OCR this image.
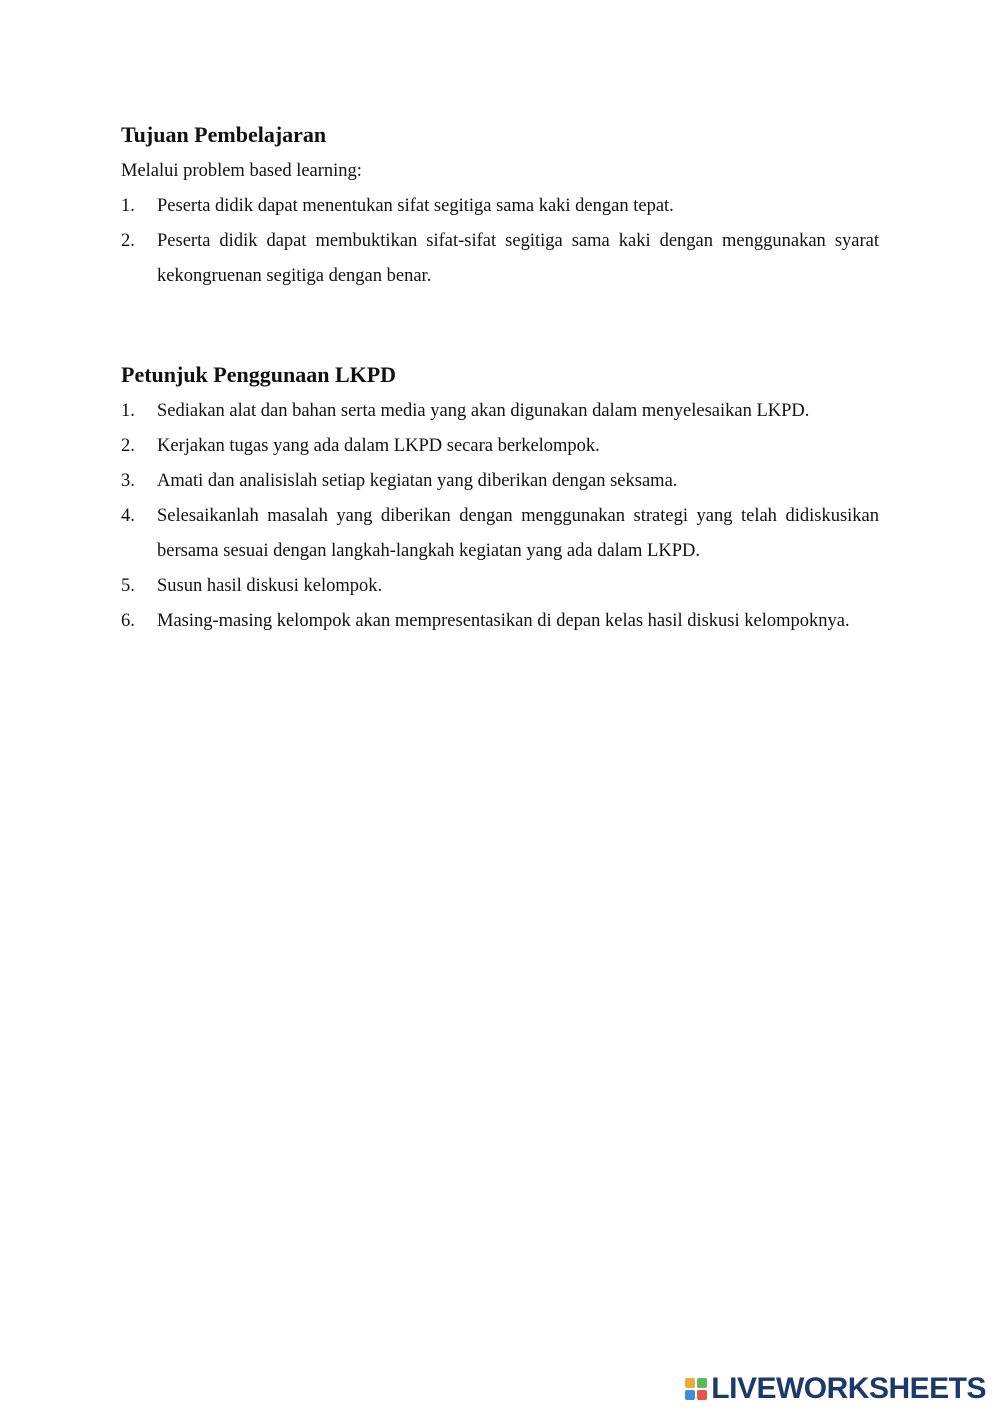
Tujuan Pembelajaran

Melalui problem based learning:

1. Peserta didik dapat menentukan sifat segitiga sama kaki dengan tepat.
2. Peserta didik dapat membuktikan sifat-sifat segitiga sama kaki dengan menggunakan syarat kekongruenan segitiga dengan benar.
Petunjuk Penggunaan LKPD
1. Sediakan alat dan bahan serta media yang akan digunakan dalam menyelesaikan LKPD.
2. Kerjakan tugas yang ada dalam LKPD secara berkelompok.
3. Amati dan analisislah setiap kegiatan yang diberikan dengan seksama.
4. Selesaikanlah masalah yang diberikan dengan menggunakan strategi yang telah didiskusikan bersama sesuai dengan langkah-langkah kegiatan yang ada dalam LKPD.
5. Susun hasil diskusi kelompok.
6. Masing-masing kelompok akan mempresentasikan di depan kelas hasil diskusi kelompoknya.
LIVEWORKSHEETS
